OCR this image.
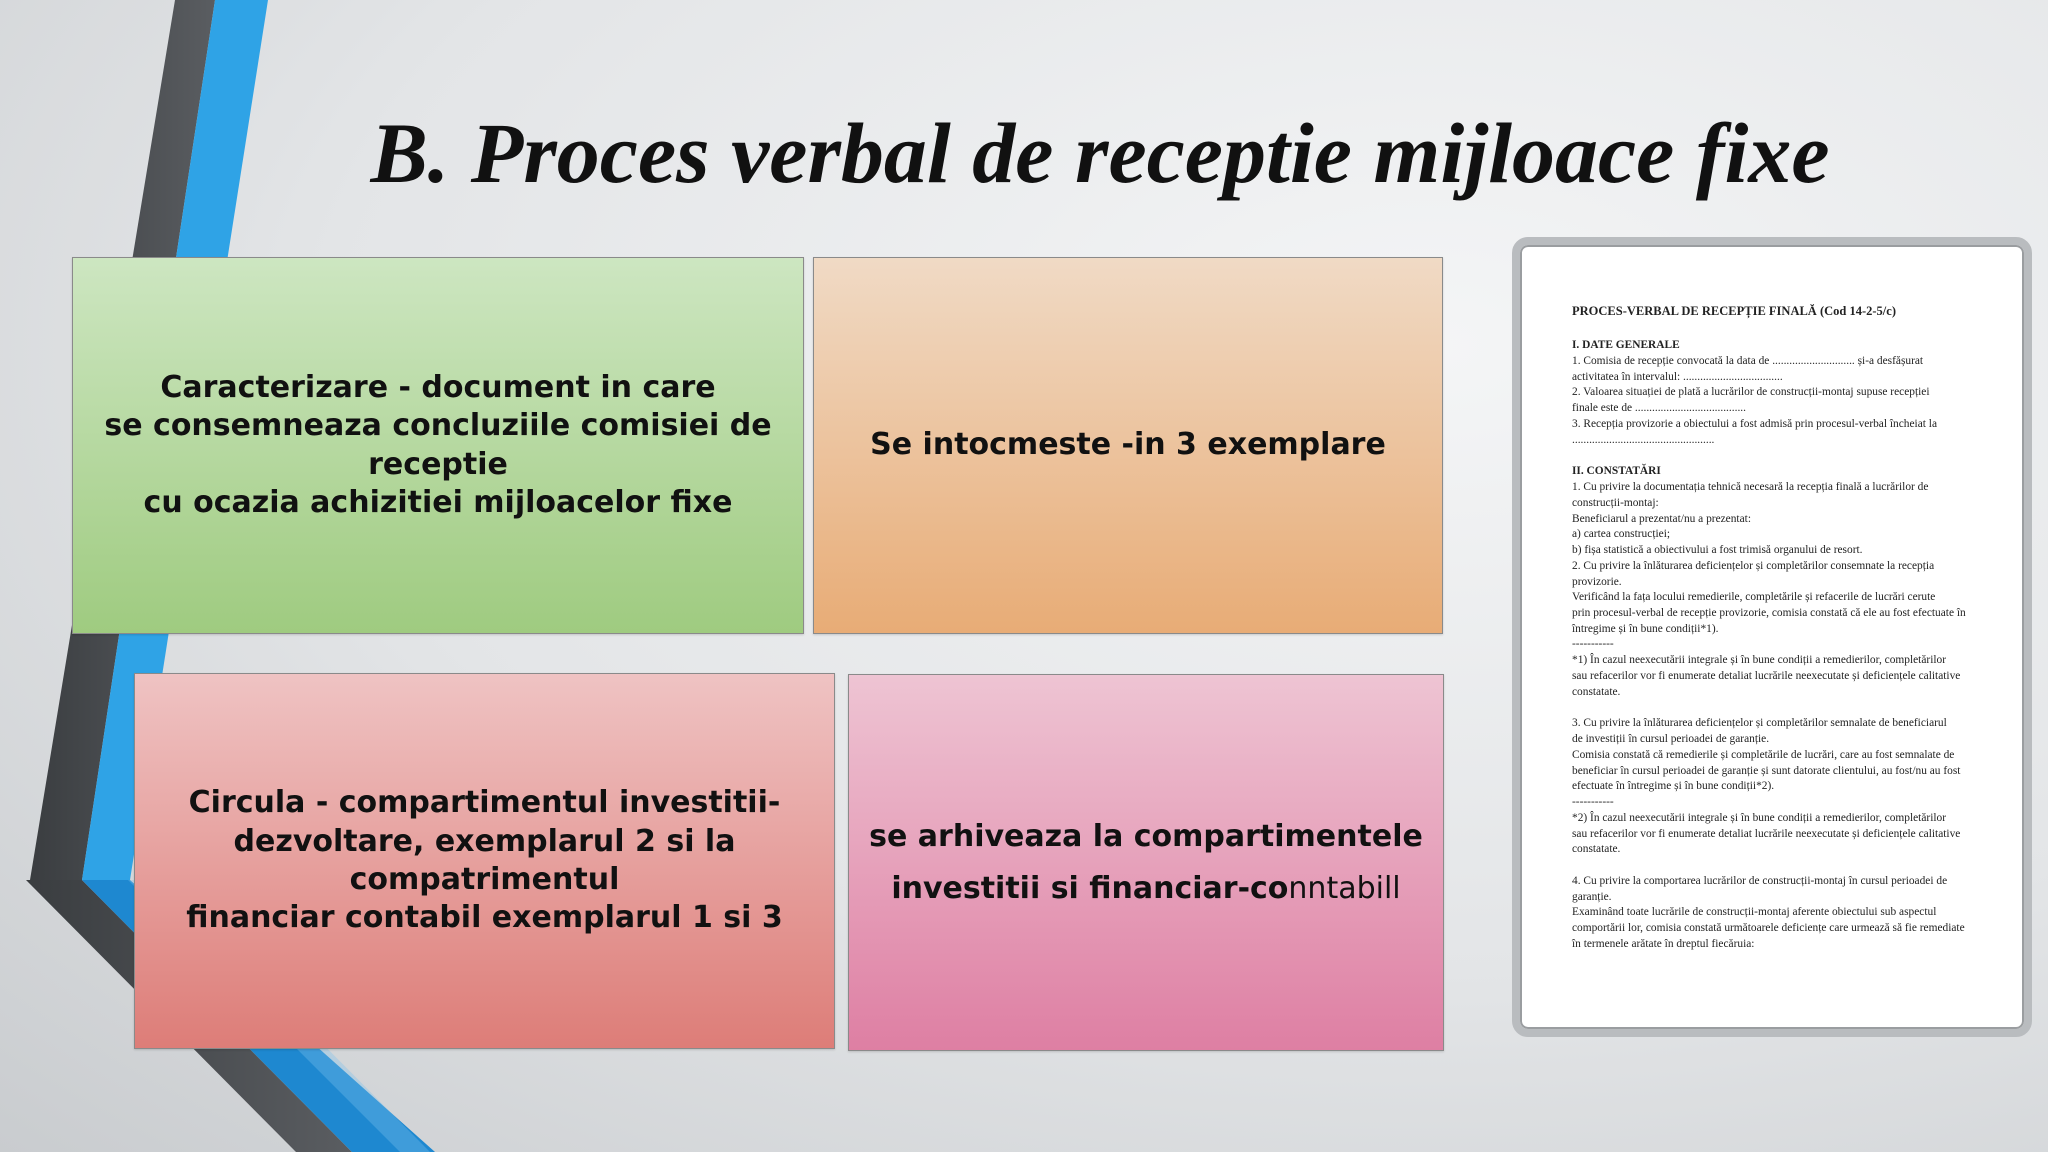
B. Proces verbal de receptie mijloace fixe
Caracterizare - document in care
se consemneaza concluziile comisiei de receptie
cu ocazia achizitiei mijloacelor fixe
Se intocmeste -in 3 exemplare
Circula - compartimentul investitii-
dezvoltare, exemplarul 2 si la compatrimentul
financiar contabil exemplarul 1 si 3
se arhiveaza la compartimentele
investitii si financiar-conntabill
PROCES-VERBAL DE RECEPȚIE FINALĂ (Cod 14-2-5/c)
I. DATE GENERALE
1. Comisia de recepție convocată la data de ............................. și-a desfășurat
activitatea în intervalul: ...................................
2. Valoarea situației de plată a lucrărilor de construcții-montaj supuse recepției
finale este de .......................................
3. Recepția provizorie a obiectului a fost admisă prin procesul-verbal încheiat la
..................................................
II. CONSTATĂRI
1. Cu privire la documentația tehnică necesară la recepția finală a lucrărilor de
construcții-montaj:
Beneficiarul a prezentat/nu a prezentat:
a) cartea construcției;
b) fișa statistică a obiectivului a fost trimisă organului de resort.
2. Cu privire la înlăturarea deficiențelor și completărilor consemnate la recepția
provizorie.
Verificând la fața locului remedierile, completările și refacerile de lucrări cerute
prin procesul-verbal de recepție provizorie, comisia constată că ele au fost efectuate în
întregime și în bune condiții*1).
-----------
*1) În cazul neexecutării integrale și în bune condiții a remedierilor, completărilor
sau refacerilor vor fi enumerate detaliat lucrările neexecutate și deficiențele calitative
constatate.
3. Cu privire la înlăturarea deficiențelor și completărilor semnalate de beneficiarul
de investiții în cursul perioadei de garanție.
Comisia constată că remedierile și completările de lucrări, care au fost semnalate de
beneficiar în cursul perioadei de garanție și sunt datorate clientului, au fost/nu au fost
efectuate în întregime și în bune condiții*2).
-----------
*2) În cazul neexecutării integrale și în bune condiții a remedierilor, completărilor
sau refacerilor vor fi enumerate detaliat lucrările neexecutate și deficiențele calitative
constatate.
4. Cu privire la comportarea lucrărilor de construcții-montaj în cursul perioadei de
garanție.
Examinând toate lucrările de construcții-montaj aferente obiectului sub aspectul
comportării lor, comisia constată următoarele deficiențe care urmează să fie remediate
în termenele arătate în dreptul fiecăruia:
